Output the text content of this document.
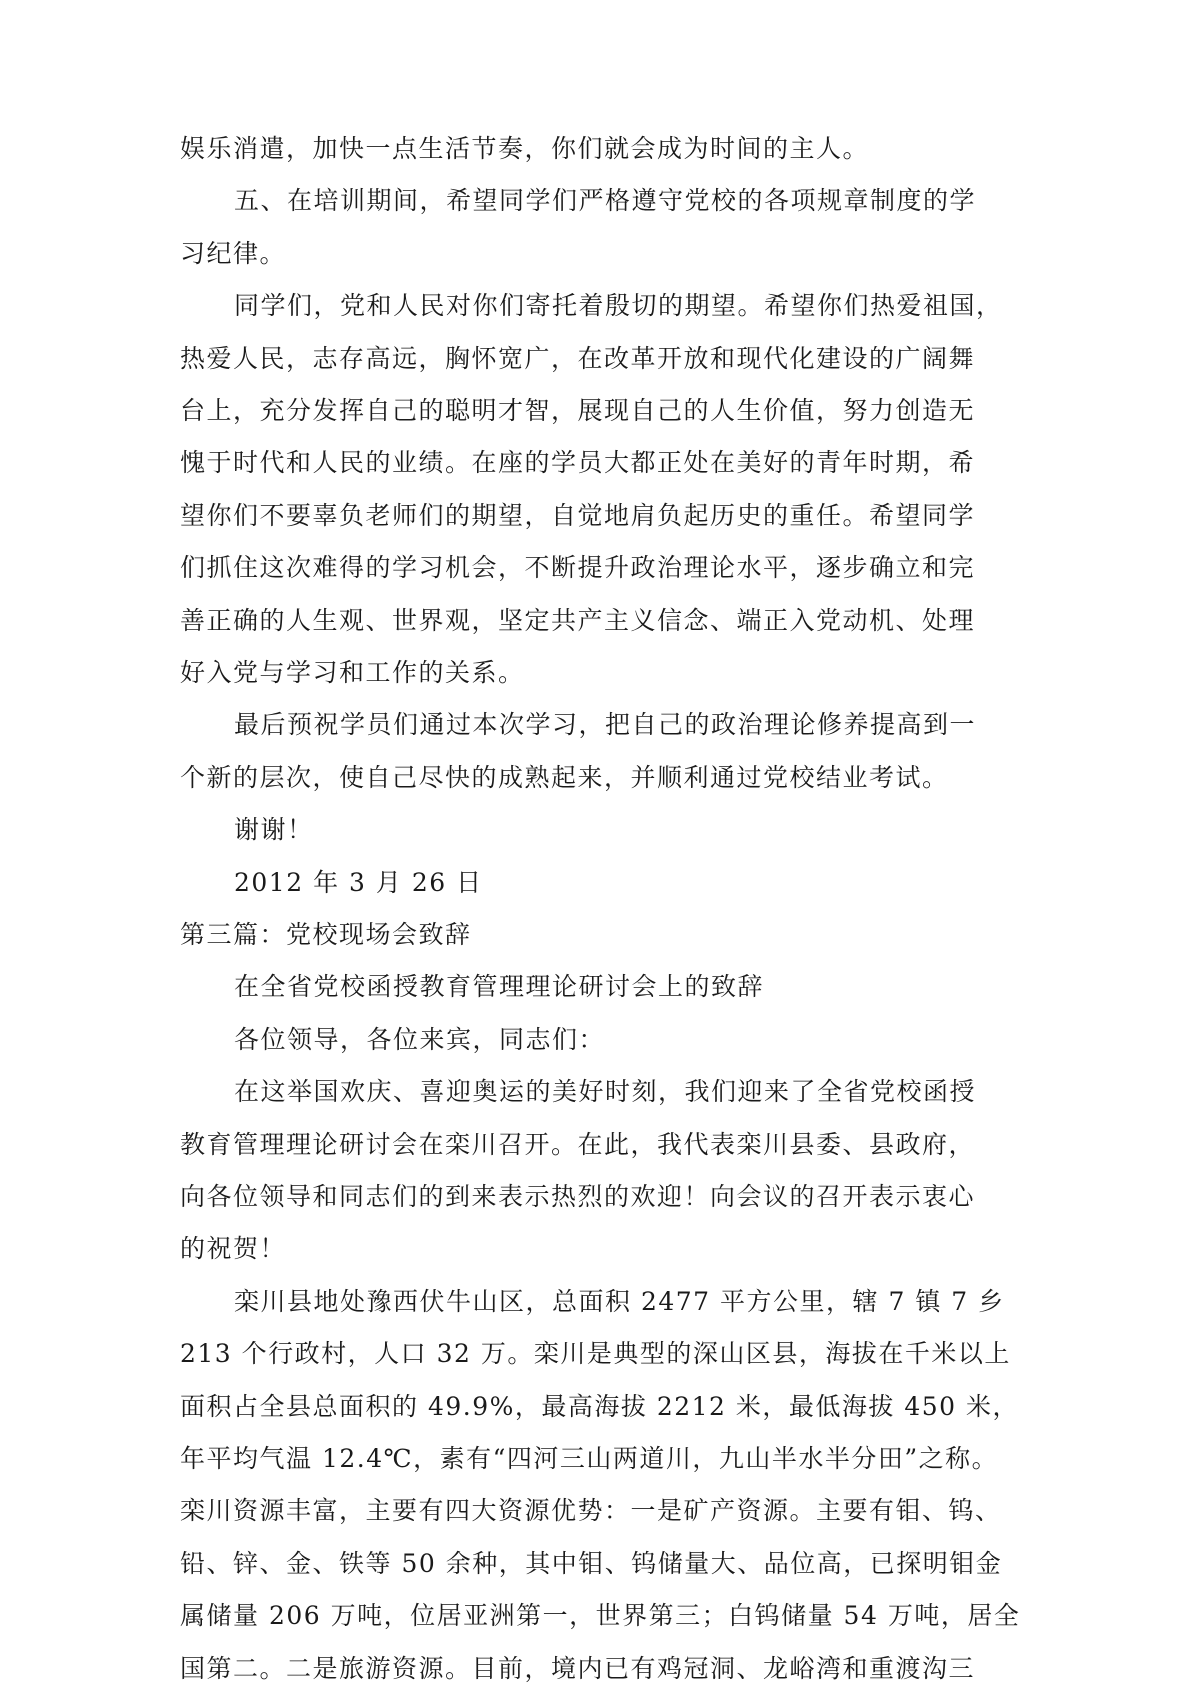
娱乐消遣，加快一点生活节奏，你们就会成为时间的主人。
五、在培训期间，希望同学们严格遵守党校的各项规章制度的学
习纪律。
同学们，党和人民对你们寄托着殷切的期望。希望你们热爱祖国，
热爱人民，志存高远，胸怀宽广，在改革开放和现代化建设的广阔舞
台上，充分发挥自己的聪明才智，展现自己的人生价值，努力创造无
愧于时代和人民的业绩。在座的学员大都正处在美好的青年时期，希
望你们不要辜负老师们的期望，自觉地肩负起历史的重任。希望同学
们抓住这次难得的学习机会，不断提升政治理论水平，逐步确立和完
善正确的人生观、世界观，坚定共产主义信念、端正入党动机、处理
好入党与学习和工作的关系。
最后预祝学员们通过本次学习，把自己的政治理论修养提高到一
个新的层次，使自己尽快的成熟起来，并顺利通过党校结业考试。
谢谢！
2012 年 3 月 26 日
第三篇：党校现场会致辞
在全省党校函授教育管理理论研讨会上的致辞
各位领导，各位来宾，同志们：
在这举国欢庆、喜迎奥运的美好时刻，我们迎来了全省党校函授
教育管理理论研讨会在栾川召开。在此，我代表栾川县委、县政府，
向各位领导和同志们的到来表示热烈的欢迎！向会议的召开表示衷心
的祝贺！
栾川县地处豫西伏牛山区，总面积 2477 平方公里，辖 7 镇 7 乡
213 个行政村，人口 32 万。栾川是典型的深山区县，海拔在千米以上
面积占全县总面积的 49.9%，最高海拔 2212 米，最低海拔 450 米，
年平均气温 12.4℃，素有“四河三山两道川，九山半水半分田”之称。
栾川资源丰富，主要有四大资源优势：一是矿产资源。主要有钼、钨、
铅、锌、金、铁等 50 余种，其中钼、钨储量大、品位高，已探明钼金
属储量 206 万吨，位居亚洲第一，世界第三；白钨储量 54 万吨，居全
国第二。二是旅游资源。目前，境内已有鸡冠洞、龙峪湾和重渡沟三
